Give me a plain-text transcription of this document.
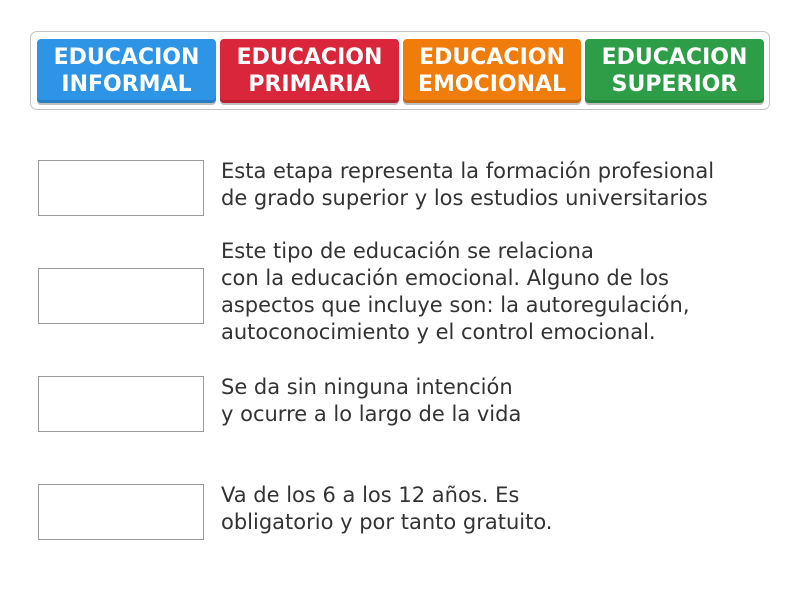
EDUCACION
INFORMAL
EDUCACION
PRIMARIA
EDUCACION
EMOCIONAL
EDUCACION
SUPERIOR
Esta etapa representa la formación profesional
de grado superior y los estudios universitarios
Este tipo de educación se relaciona
con la educación emocional. Alguno de los
aspectos que incluye son: la autoregulación,
autoconocimiento y el control emocional.
Se da sin ninguna intención
y ocurre a lo largo de la vida
Va de los 6 a los 12 años. Es
obligatorio y por tanto gratuito.
